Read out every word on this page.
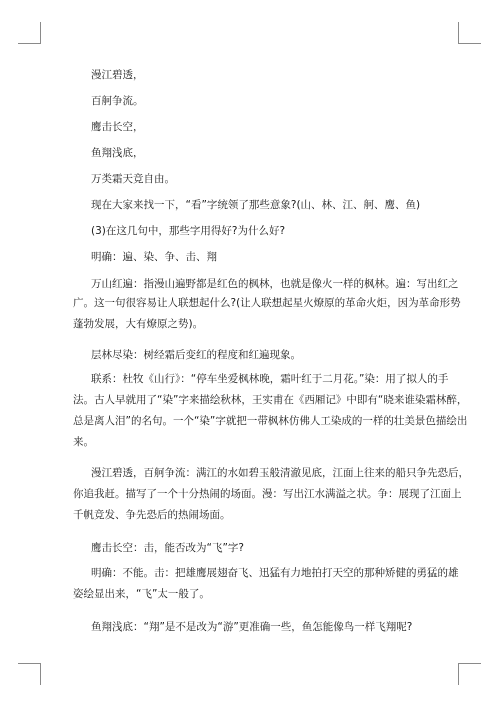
漫江碧透，
百舸争流。
鹰击长空，
鱼翔浅底，
万类霜天竞自由。
现在大家来找一下，“看”字统领了那些意象?(山、林、江、舸、鹰、鱼)
(3)在这几句中，那些字用得好?为什么好?
明确：遍、染、争、击、翔
万山红遍：指漫山遍野都是红色的枫林，也就是像火一样的枫林。遍：写出红之
广。这一句很容易让人联想起什么?(让人联想起星火燎原的革命火炬，因为革命形势
蓬勃发展，大有燎原之势)。
层林尽染：树经霜后变红的程度和红遍现象。
联系：杜牧《山行》：“停车坐爱枫林晚，霜叶红于二月花。”染：用了拟人的手
法。古人早就用了“染”字来描绘秋林，王实甫在《西厢记》中即有“晓来谁染霜林醉，
总是离人泪”的名句。一个“染”字就把一带枫林仿佛人工染成的一样的壮美景色描绘出
来。
漫江碧透，百舸争流：满江的水如碧玉般清澈见底，江面上往来的船只争先恐后，
你追我赶。描写了一个十分热闹的场面。漫：写出江水满溢之状。争：展现了江面上
千帆竞发、争先恐后的热闹场面。
鹰击长空：击，能否改为“飞”字?
明确：不能。击：把雄鹰展翅奋飞、迅猛有力地拍打天空的那种矫健的勇猛的雄
姿绘显出来，“飞”太一般了。
鱼翔浅底：“翔”是不是改为“游”更准确一些，鱼怎能像鸟一样飞翔呢?
